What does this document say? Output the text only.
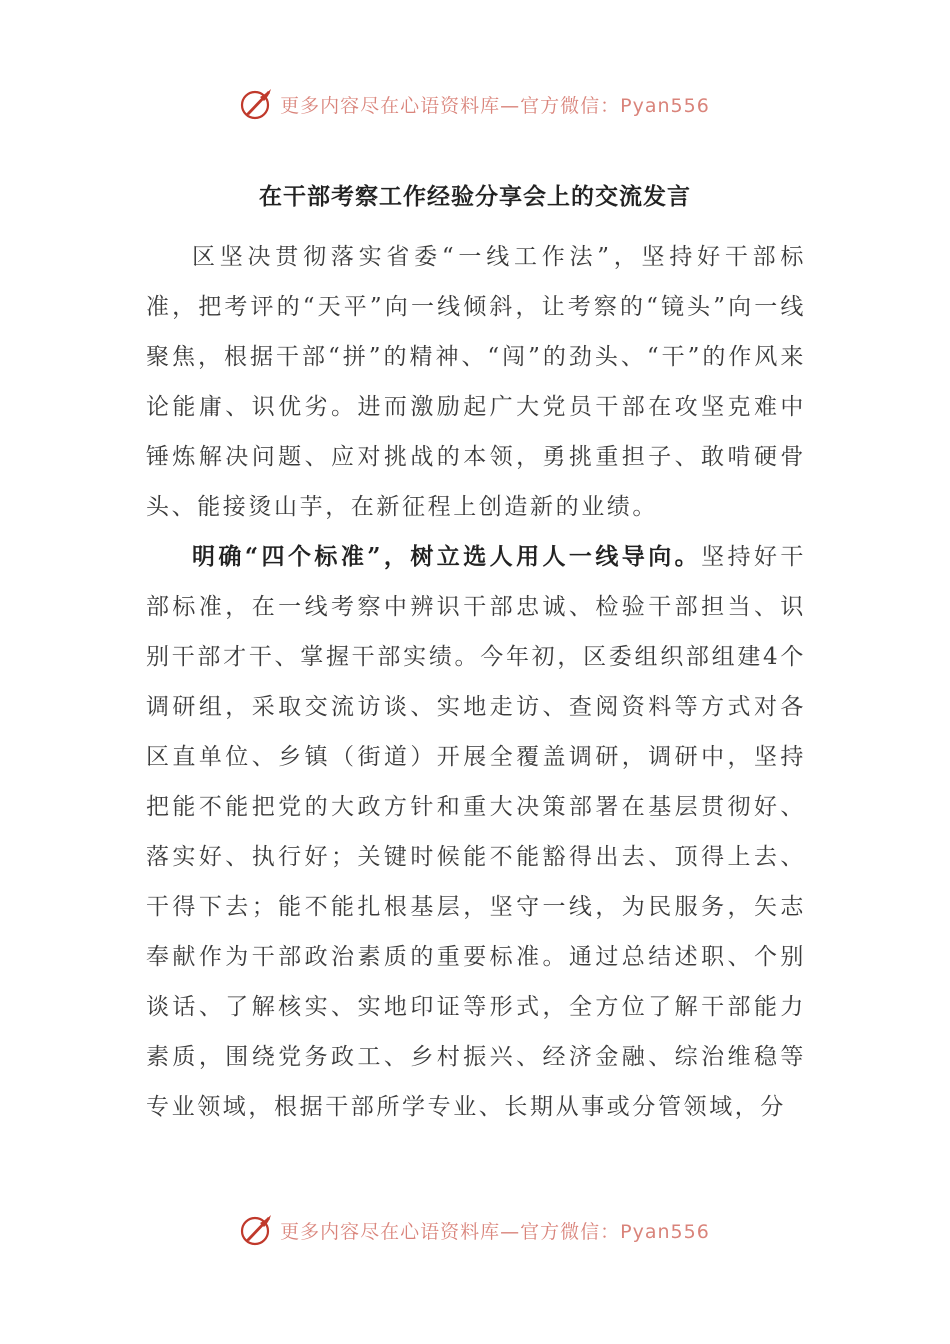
更多内容尽在心语资料库—官方微信：Pyan556
在干部考察工作经验分享会上的交流发言

区坚决贯彻落实省委“一线工作法”，坚持好干部标准，把考评的“天平”向一线倾斜，让考察的“镜头”向一线聚焦，根据干部“拼”的精神、“闯”的劲头、“干”的作风来论能庸、识优劣。进而激励起广大党员干部在攻坚克难中锤炼解决问题、应对挑战的本领，勇挑重担子、敢啃硬骨头、能接烫山芋，在新征程上创造新的业绩。

明确“四个标准”，树立选人用人一线导向。坚持好干部标准，在一线考察中辨识干部忠诚、检验干部担当、识别干部才干、掌握干部实绩。今年初，区委组织部组建4个调研组，采取交流访谈、实地走访、查阅资料等方式对各区直单位、乡镇（街道）开展全覆盖调研，调研中，坚持把能不能把党的大政方针和重大决策部署在基层贯彻好、落实好、执行好；关键时候能不能豁得出去、顶得上去、干得下去；能不能扎根基层，坚守一线，为民服务，矢志奉献作为干部政治素质的重要标准。通过总结述职、个别谈话、了解核实、实地印证等形式，全方位了解干部能力素质，围绕党务政工、乡村振兴、经济金融、综治维稳等专业领域，根据干部所学专业、长期从事或分管领域，分

更多内容尽在心语资料库—官方微信：Pyan556
